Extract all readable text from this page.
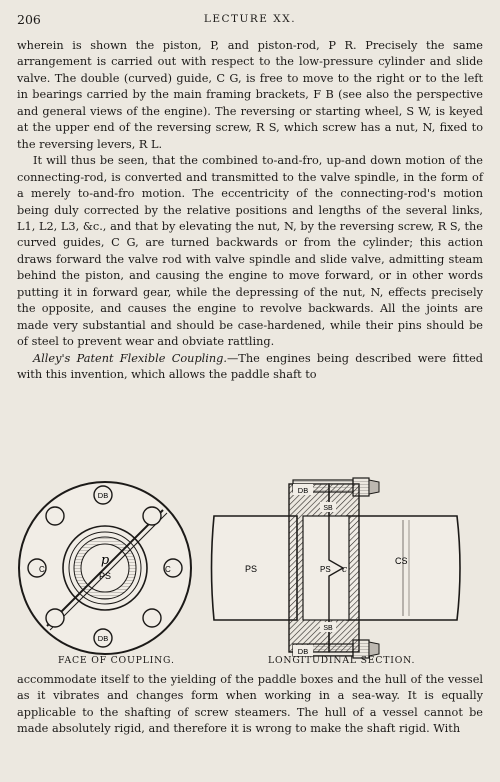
206	LECTURE XX.

wherein is shown the piston, P, and piston-rod, P R. Precisely the same arrangement is carried out with respect to the low-pressure cylinder and slide valve. The double (curved) guide, C G, is free to move to the right or to the left in bearings carried by the main framing brackets, F B (see also the perspective and general views of the engine). The reversing or starting wheel, S W, is keyed at the upper end of the reversing screw, R S, which screw has a nut, N, fixed to the reversing levers, R L.

It will thus be seen, that the combined to-and-fro, up-and down motion of the connecting-rod, is converted and transmitted to the valve spindle, in the form of a merely to-and-fro motion. The eccentricity of the connecting-rod's motion being duly corrected by the relative positions and lengths of the several links, L1, L2, L3, &c., and that by elevating the nut, N, by the reversing screw, R S, the curved guides, C G, are turned backwards or from the cylinder; this action draws forward the valve rod with valve spindle and slide valve, admitting steam behind the piston, and causing the engine to move forward, or in other words putting it in forward gear, while the depressing of the nut, N, effects precisely the opposite, and causes the engine to revolve backwards. All the joints are made very substantial and should be case-hardened, while their pins should be of steel to prevent wear and obviate rattling.

Alley's Patent Flexible Coupling.—The engines being described were fitted with this invention, which allows the paddle shaft to

DB
DB
C	C
p
PS
DB
DB
SB
SB
PS	PS c
CS
FACE OF COUPLING.	LONGITUDINAL SECTION.

accommodate itself to the yielding of the paddle boxes and the hull of the vessel as it vibrates and changes form when working in a sea-way. It is equally applicable to the shafting of screw steamers. The hull of a vessel cannot be made absolutely rigid, and therefore it is wrong to make the shaft rigid. With
